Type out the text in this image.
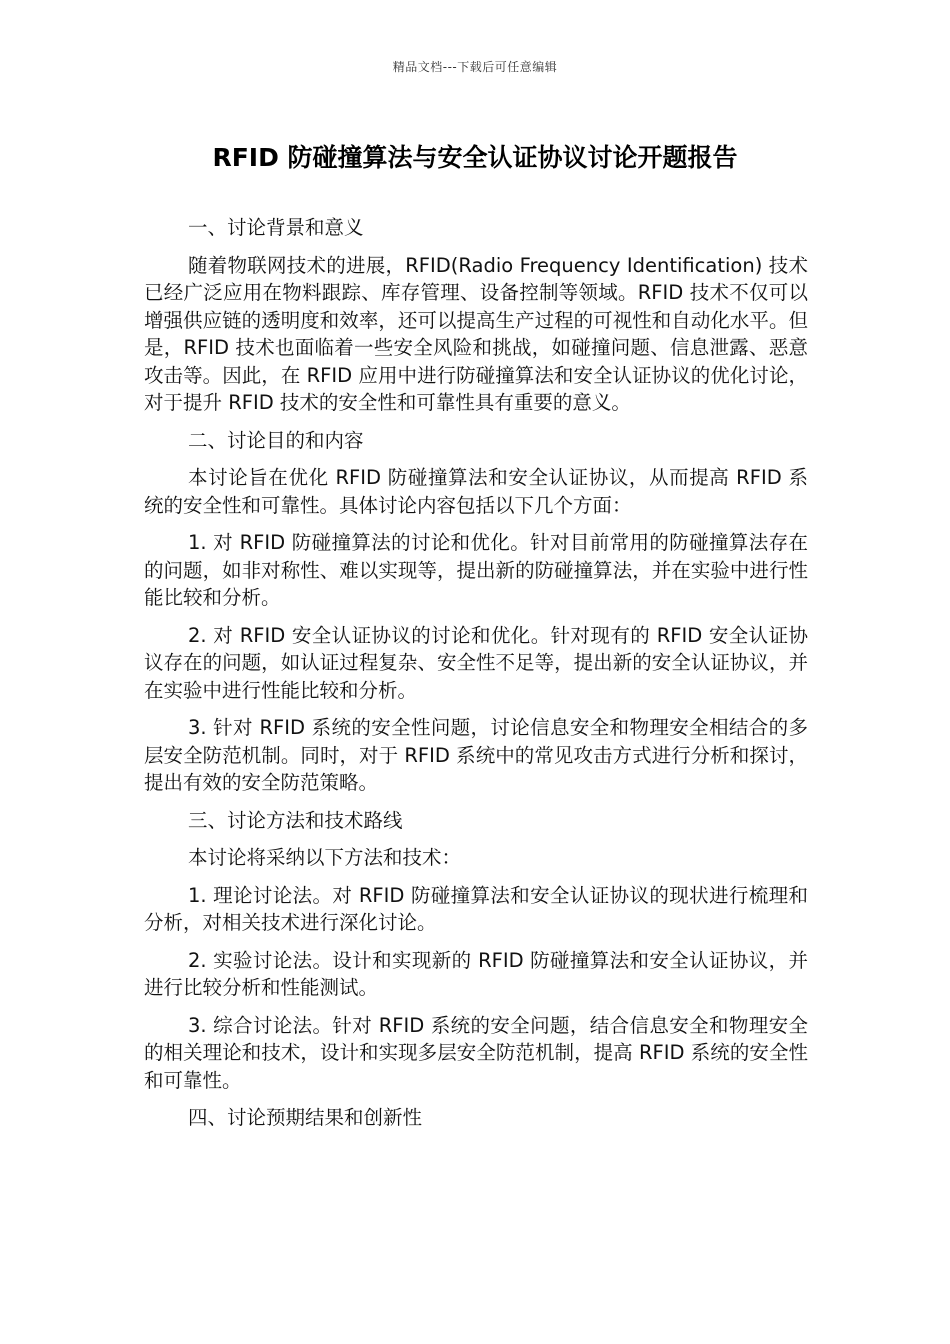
精品文档---下载后可任意编辑
RFID 防碰撞算法与安全认证协议讨论开题报告

一、讨论背景和意义

随着物联网技术的进展，RFID(Radio Frequency Identification) 技术已经广泛应用在物料跟踪、库存管理、设备控制等领域。RFID 技术不仅可以增强供应链的透明度和效率，还可以提高生产过程的可视性和自动化水平。但是，RFID 技术也面临着一些安全风险和挑战，如碰撞问题、信息泄露、恶意攻击等。因此，在 RFID 应用中进行防碰撞算法和安全认证协议的优化讨论，对于提升 RFID 技术的安全性和可靠性具有重要的意义。

二、讨论目的和内容

本讨论旨在优化 RFID 防碰撞算法和安全认证协议，从而提高 RFID 系统的安全性和可靠性。具体讨论内容包括以下几个方面：

1. 对 RFID 防碰撞算法的讨论和优化。针对目前常用的防碰撞算法存在的问题，如非对称性、难以实现等，提出新的防碰撞算法，并在实验中进行性能比较和分析。

2. 对 RFID 安全认证协议的讨论和优化。针对现有的 RFID 安全认证协议存在的问题，如认证过程复杂、安全性不足等，提出新的安全认证协议，并在实验中进行性能比较和分析。

3. 针对 RFID 系统的安全性问题，讨论信息安全和物理安全相结合的多层安全防范机制。同时，对于 RFID 系统中的常见攻击方式进行分析和探讨，提出有效的安全防范策略。

三、讨论方法和技术路线

本讨论将采纳以下方法和技术：

1. 理论讨论法。对 RFID 防碰撞算法和安全认证协议的现状进行梳理和分析，对相关技术进行深化讨论。

2. 实验讨论法。设计和实现新的 RFID 防碰撞算法和安全认证协议，并进行比较分析和性能测试。

3. 综合讨论法。针对 RFID 系统的安全问题，结合信息安全和物理安全的相关理论和技术，设计和实现多层安全防范机制，提高 RFID 系统的安全性和可靠性。

四、讨论预期结果和创新性
